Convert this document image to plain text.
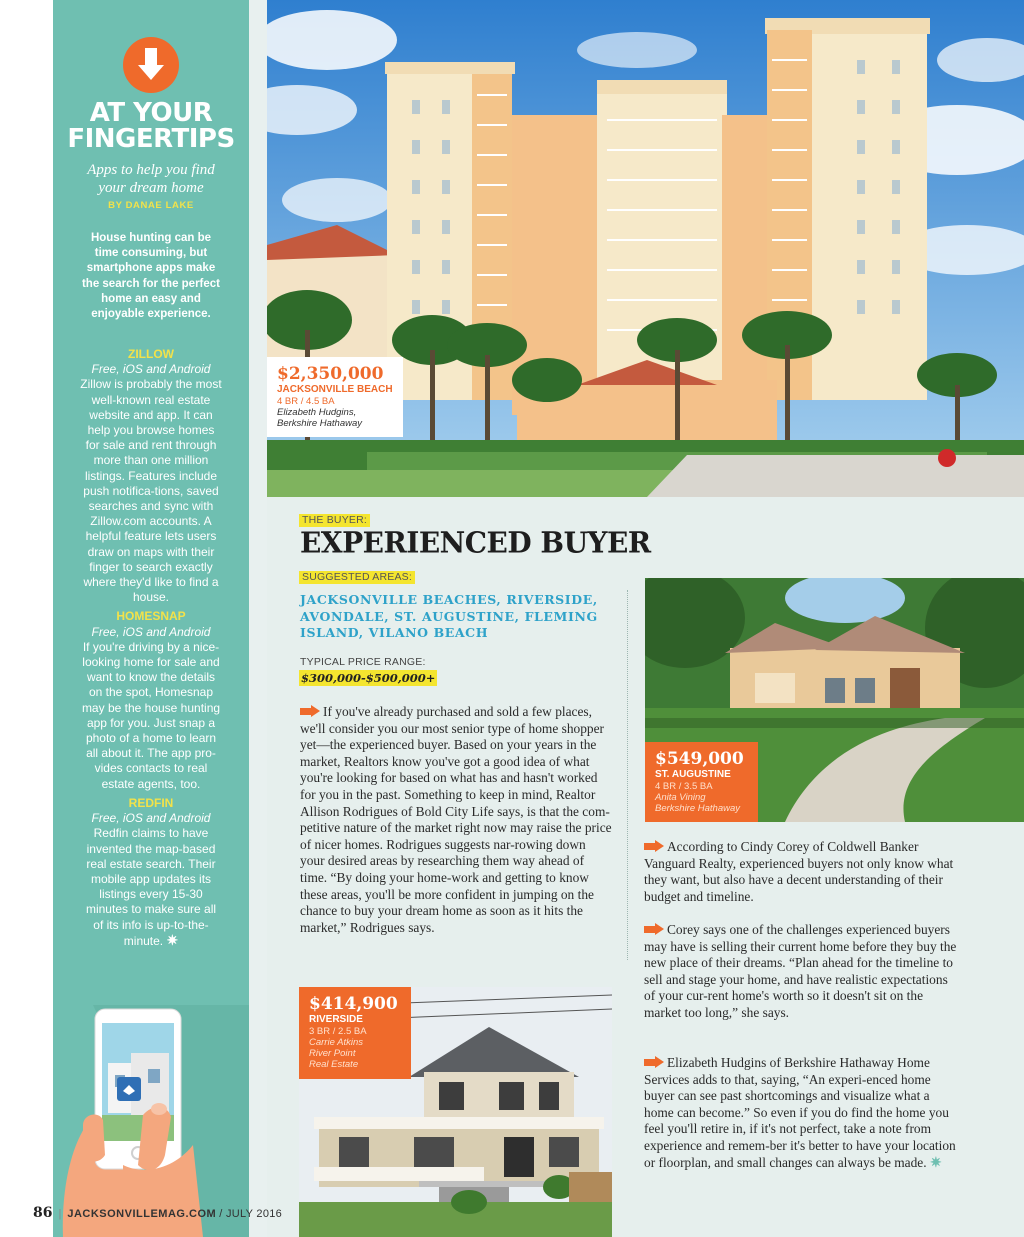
AT YOUR
FINGERTIPS
Apps to help you find
your dream home
BY DANAE LAKE
House hunting can be time consuming, but smartphone apps make the search for the perfect home an easy and enjoyable experience.
ZILLOW
Free, iOS and Android
Zillow is probably the most well-known real estate website and app. It can help you browse homes for sale and rent through more than one million listings. Features include push notifica-tions, saved searches and sync with Zillow.com accounts. A helpful feature lets users draw on maps with their finger to search exactly where they'd like to find a house.
HOMESNAP
Free, iOS and Android
If you're driving by a nice-looking home for sale and want to know the details on the spot, Homesnap may be the house hunting app for you. Just snap a photo of a home to learn all about it. The app pro-vides contacts to real estate agents, too.
REDFIN
Free, iOS and Android
Redfin claims to have invented the map-based real estate search. Their mobile app updates its listings every 15-30 minutes to make sure all of its info is up-to-the-minute. ✷
$2,350,000
JACKSONVILLE BEACH
4 BR / 4.5 BA
Elizabeth Hudgins,
Berkshire Hathaway
THE BUYER:
EXPERIENCED BUYER
SUGGESTED AREAS:
JACKSONVILLE BEACHES, RIVERSIDE, AVONDALE, ST. AUGUSTINE, FLEMING ISLAND, VILANO BEACH
TYPICAL PRICE RANGE:
$300,000-$500,000+
If you've already purchased and sold a few places, we'll consider you our most senior type of home shopper yet—the experienced buyer. Based on your years in the market, Realtors know you've got a good idea of what you're looking for based on what has and hasn't worked for you in the past. Something to keep in mind, Realtor Allison Rodrigues of Bold City Life says, is that the com-petitive nature of the market right now may raise the price of nicer homes. Rodrigues suggests nar-rowing down your desired areas by researching them way ahead of time. “By doing your home-work and getting to know these areas, you'll be more confident in jumping on the chance to buy your dream home as soon as it hits the market,” Rodrigues says.
$549,000
ST. AUGUSTINE
4 BR / 3.5 BA
Anita Vining
Berkshire Hathaway
According to Cindy Corey of Coldwell Banker Vanguard Realty, experienced buyers not only know what they want, but also have a decent understanding of their budget and timeline.
Corey says one of the challenges experienced buyers may have is selling their current home before they buy the new place of their dreams. “Plan ahead for the timeline to sell and stage your home, and have realistic expectations of your cur-rent home's worth so it doesn't sit on the market too long,” she says.
Elizabeth Hudgins of Berkshire Hathaway Home Services adds to that, saying, “An experi-enced home buyer can see past shortcomings and visualize what a home can become.” So even if you do find the home you feel you'll retire in, if it's not perfect, take a note from experience and remem-ber it's better to have your location or floorplan, and small changes can always be made. ✷
$414,900
RIVERSIDE
3 BR / 2.5 BA
Carrie Atkins
River Point
Real Estate
86 | JACKSONVILLEMAG.COM / JULY 2016
